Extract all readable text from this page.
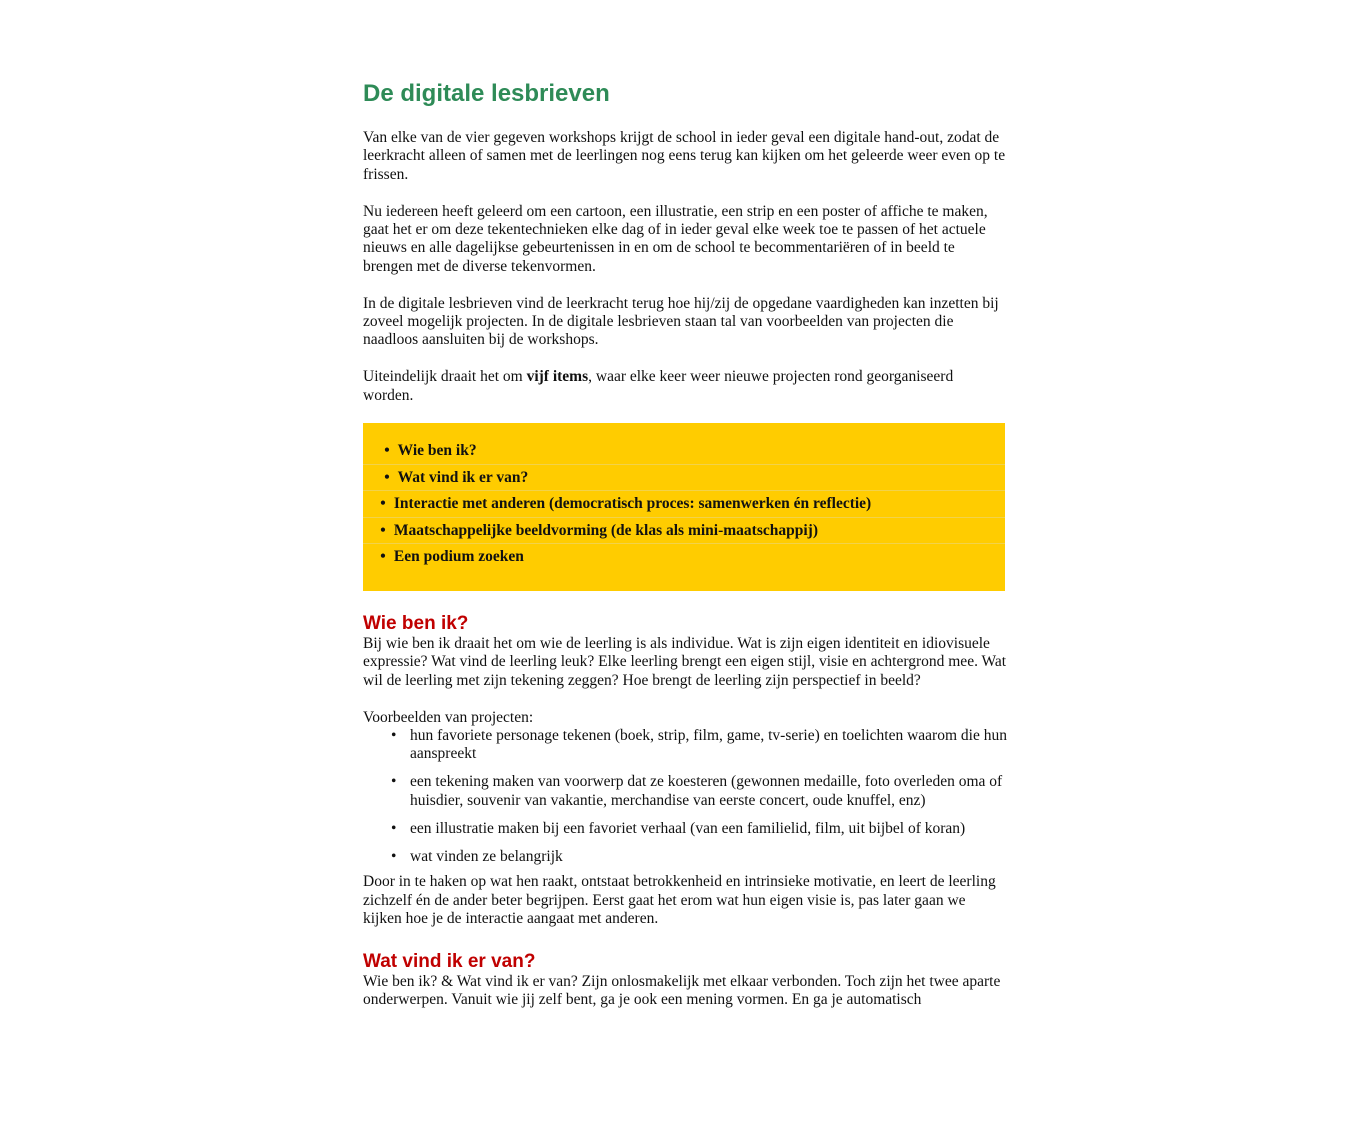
De digitale lesbrieven

Van elke van de vier gegeven workshops krijgt de school in ieder geval een digitale hand-out, zodat de leerkracht alleen of samen met de leerlingen nog eens terug kan kijken om het geleerde weer even op te frissen.

Nu iedereen heeft geleerd om een cartoon, een illustratie, een strip en een poster of affiche te maken, gaat het er om deze tekentechnieken elke dag of in ieder geval elke week toe te passen of het actuele nieuws en alle dagelijkse gebeurtenissen in en om de school te becommentariëren of in beeld te brengen met de diverse tekenvormen.

In de digitale lesbrieven vind de leerkracht terug hoe hij/zij de opgedane vaardigheden kan inzetten bij zoveel mogelijk projecten. In de digitale lesbrieven staan tal van voorbeelden van projecten die naadloos aansluiten bij de workshops.

Uiteindelijk draait het om vijf items, waar elke keer weer nieuwe projecten rond georganiseerd worden.

• Wie ben ik?
• Wat vind ik er van?
• Interactie met anderen (democratisch proces: samenwerken én reflectie)
• Maatschappelijke beeldvorming (de klas als mini-maatschappij)
• Een podium zoeken
Wie ben ik?

Bij wie ben ik draait het om wie de leerling is als individue. Wat is zijn eigen identiteit en idiovisuele expressie? Wat vind de leerling leuk? Elke leerling brengt een eigen stijl, visie en achtergrond mee. Wat wil de leerling met zijn tekening zeggen? Hoe brengt de leerling zijn perspectief in beeld?

Voorbeelden van projecten:

• hun favoriete personage tekenen (boek, strip, film, game, tv-serie) en toelichten waarom die hun aanspreekt
• een tekening maken van voorwerp dat ze koesteren (gewonnen medaille, foto overleden oma of huisdier, souvenir van vakantie, merchandise van eerste concert, oude knuffel, enz)
• een illustratie maken bij een favoriet verhaal (van een familielid, film, uit bijbel of koran)
• wat vinden ze belangrijk

Door in te haken op wat hen raakt, ontstaat betrokkenheid en intrinsieke motivatie, en leert de leerling zichzelf én de ander beter begrijpen. Eerst gaat het erom wat hun eigen visie is, pas later gaan we kijken hoe je de interactie aangaat met anderen.

Wat vind ik er van?

Wie ben ik? & Wat vind ik er van? Zijn onlosmakelijk met elkaar verbonden. Toch zijn het twee aparte onderwerpen. Vanuit wie jij zelf bent, ga je ook een mening vormen. En ga je automatisch
